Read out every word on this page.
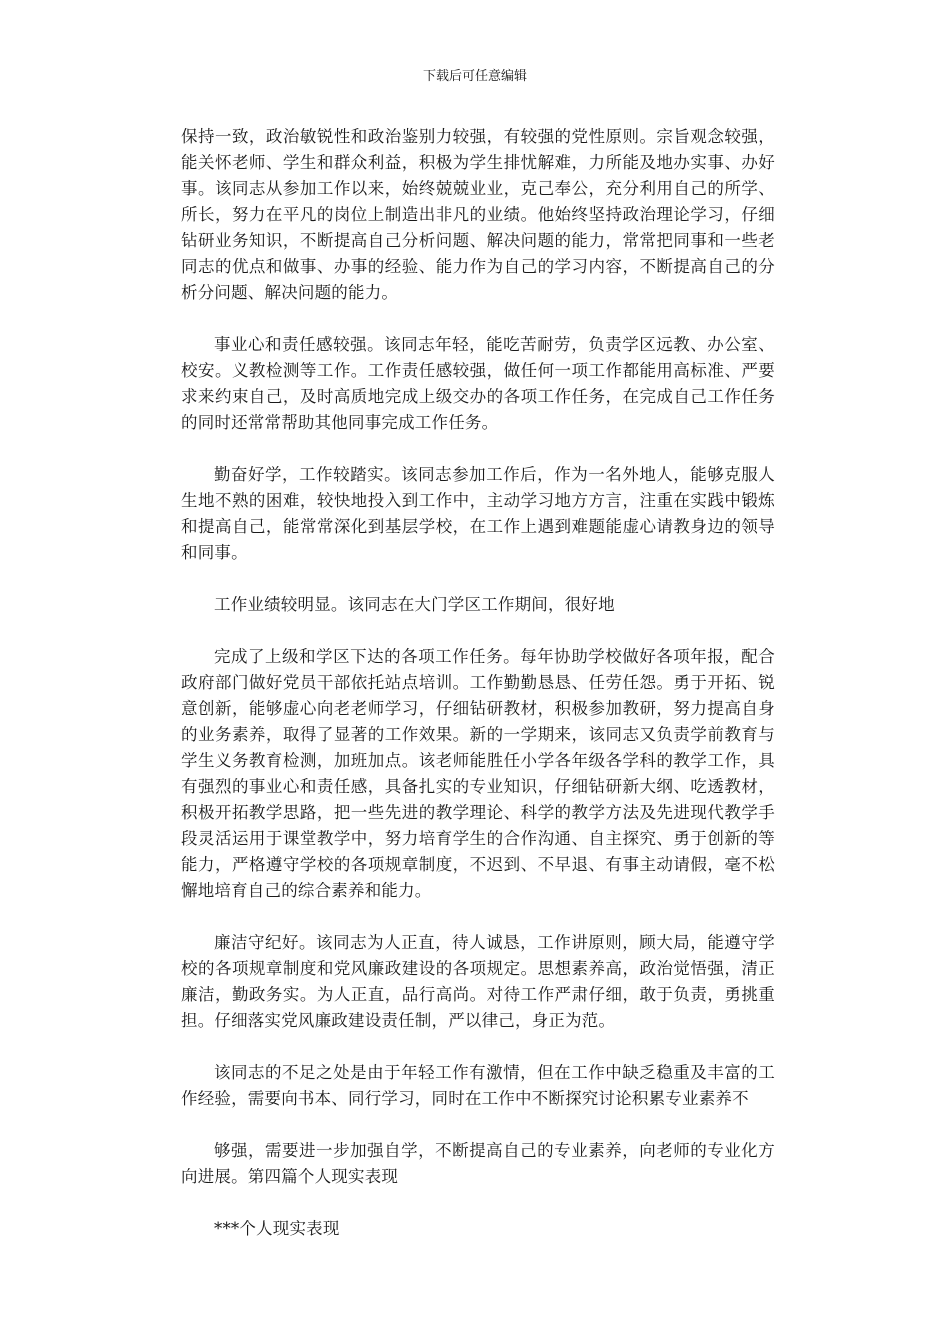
下载后可任意编辑

保持一致，政治敏锐性和政治鉴别力较强，有较强的党性原则。宗旨观念较强，能关怀老师、学生和群众利益，积极为学生排忧解难，力所能及地办实事、办好事。该同志从参加工作以来，始终兢兢业业，克己奉公，充分利用自己的所学、所长，努力在平凡的岗位上制造出非凡的业绩。他始终坚持政治理论学习，仔细钻研业务知识，不断提高自己分析问题、解决问题的能力，常常把同事和一些老同志的优点和做事、办事的经验、能力作为自己的学习内容，不断提高自己的分析分问题、解决问题的能力。

事业心和责任感较强。该同志年轻，能吃苦耐劳，负责学区远教、办公室、校安。义教检测等工作。工作责任感较强，做任何一项工作都能用高标准、严要求来约束自己，及时高质地完成上级交办的各项工作任务，在完成自己工作任务的同时还常常帮助其他同事完成工作任务。

勤奋好学，工作较踏实。该同志参加工作后，作为一名外地人，能够克服人生地不熟的困难，较快地投入到工作中，主动学习地方方言，注重在实践中锻炼和提高自己，能常常深化到基层学校，在工作上遇到难题能虚心请教身边的领导和同事。

工作业绩较明显。该同志在大门学区工作期间，很好地

完成了上级和学区下达的各项工作任务。每年协助学校做好各项年报，配合政府部门做好党员干部依托站点培训。工作勤勤恳恳、任劳任怨。勇于开拓、锐意创新，能够虚心向老老师学习，仔细钻研教材，积极参加教研，努力提高自身的业务素养，取得了显著的工作效果。新的一学期来，该同志又负责学前教育与学生义务教育检测，加班加点。该老师能胜任小学各年级各学科的教学工作，具有强烈的事业心和责任感，具备扎实的专业知识，仔细钻研新大纲、吃透教材，积极开拓教学思路，把一些先进的教学理论、科学的教学方法及先进现代教学手段灵活运用于课堂教学中，努力培育学生的合作沟通、自主探究、勇于创新的等能力，严格遵守学校的各项规章制度，不迟到、不早退、有事主动请假，毫不松懈地培育自己的综合素养和能力。

廉洁守纪好。该同志为人正直，待人诚恳，工作讲原则，顾大局，能遵守学校的各项规章制度和党风廉政建设的各项规定。思想素养高，政治觉悟强，清正廉洁，勤政务实。为人正直，品行高尚。对待工作严肃仔细，敢于负责，勇挑重担。仔细落实党风廉政建设责任制，严以律己，身正为范。

该同志的不足之处是由于年轻工作有激情，但在工作中缺乏稳重及丰富的工作经验，需要向书本、同行学习，同时在工作中不断探究讨论积累专业素养不

够强，需要进一步加强自学，不断提高自己的专业素养，向老师的专业化方向进展。第四篇个人现实表现

***个人现实表现
